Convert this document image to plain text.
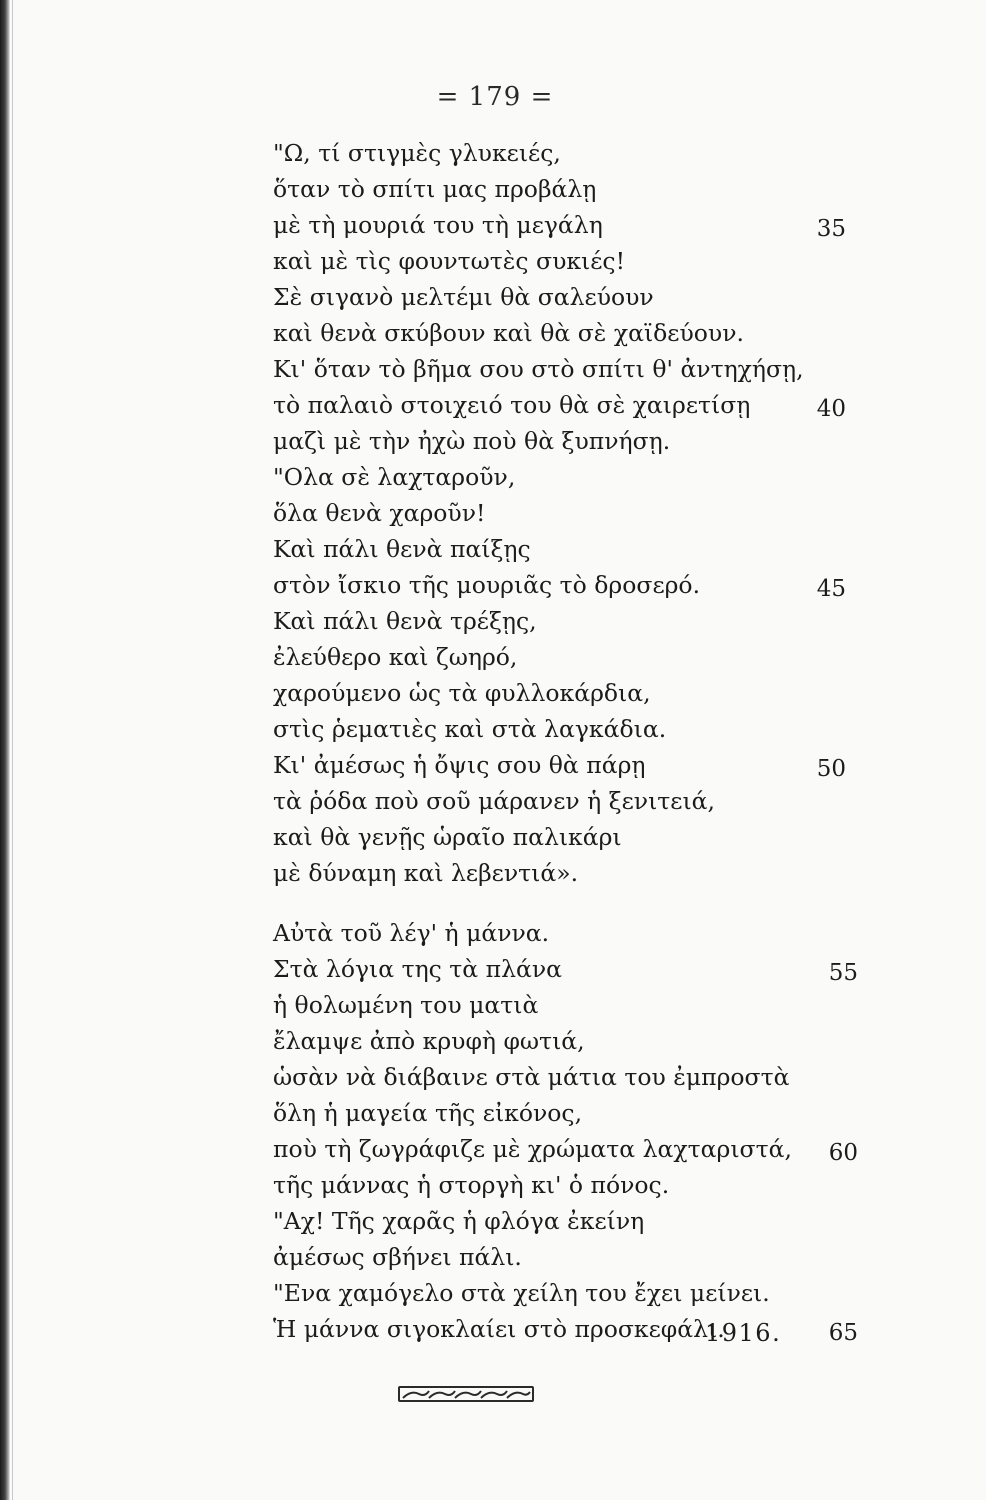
= 179 =
"Ω, τί στιγμὲς γλυκειές,
ὅταν τὸ σπίτι μας προβάλῃ
μὲ τὴ μουριά του τὴ μεγάλη
καὶ μὲ τὶς φουντωτὲς συκιές!
Σὲ σιγανὸ μελτέμι θὰ σαλεύουν
καὶ θενὰ σκύβουν καὶ θὰ σὲ χαϊδεύουν.
Κι' ὅταν τὸ βῆμα σου στὸ σπίτι θ' ἀντηχήσῃ,
τὸ παλαιὸ στοιχειό του θὰ σὲ χαιρετίσῃ
μαζὶ μὲ τὴν ἠχὼ ποὺ θὰ ξυπνήσῃ.
"Ολα σὲ λαχταροῦν,
ὅλα θενὰ χαροῦν!
Καὶ πάλι θενὰ παίξῃς
στὸν ἴσκιο τῆς μουριᾶς τὸ δροσερό.
Καὶ πάλι θενὰ τρέξῃς,
ἐλεύθερο καὶ ζωηρό,
χαρούμενο ὡς τὰ φυλλοκάρδια,
στὶς ῥεματιὲς καὶ στὰ λαγκάδια.
Κι' ἀμέσως ἡ ὄψις σου θὰ πάρῃ
τὰ ῥόδα ποὺ σοῦ μάρανεν ἡ ξενιτειά,
καὶ θὰ γενῇς ὡραῖο παλικάρι
μὲ δύναμη καὶ λεβεντιά».
Αὐτὰ τοῦ λέγ' ἡ μάννα.
Στὰ λόγια της τὰ πλάνα
ἡ θολωμένη του ματιὰ
ἔλαμψε ἀπὸ κρυφὴ φωτιά,
ὡσὰν νὰ διάβαινε στὰ μάτια του ἐμπροστὰ
ὅλη ἡ μαγεία τῆς εἰκόνος,
ποὺ τὴ ζωγράφιζε μὲ χρώματα λαχταριστά,
τῆς μάννας ἡ στοργὴ κι' ὁ πόνος.
"Αχ! Τῆς χαρᾶς ἡ φλόγα ἐκείνη
ἀμέσως σβήνει πάλι.
"Ενα χαμόγελο στὰ χείλη του ἔχει μείνει.
Ἡ μάννα σιγοκλαίει στὸ προσκεφάλι.
35
40
45
50
55
60
65
1916.
